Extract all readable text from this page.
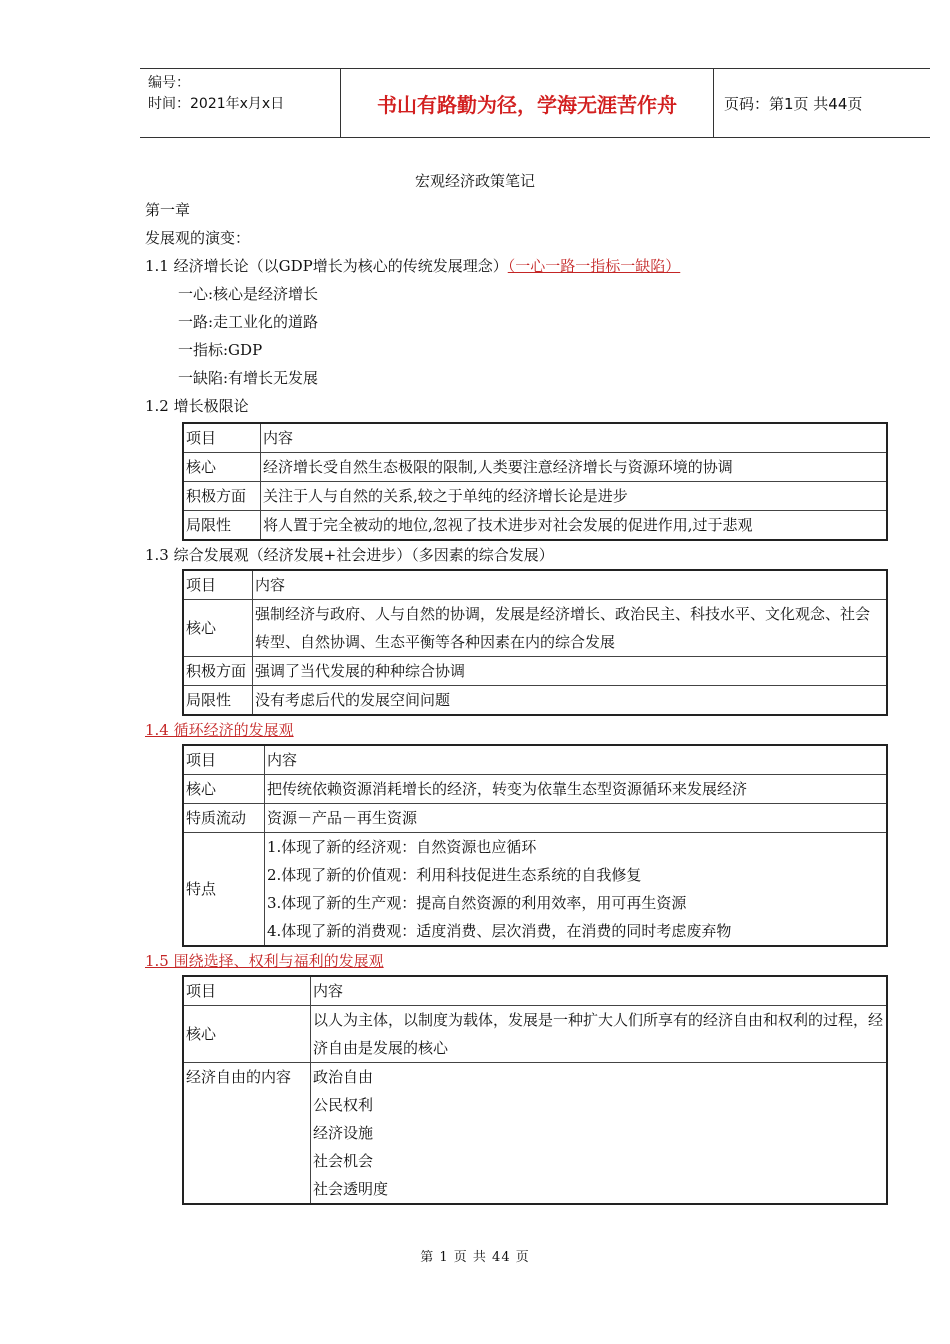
编号：
时间：2021年x月x日	书山有路勤为径，学海无涯苦作舟	页码：第1页 共44页
宏观经济政策笔记
第一章
发展观的演变：
1.1 经济增长论（以GDP增长为核心的传统发展理念）（一心一路一指标一缺陷）
一心:核心是经济增长
一路:走工业化的道路
一指标:GDP
一缺陷:有增长无发展
1.2 增长极限论
项目	内容
核心	经济增长受自然生态极限的限制,人类要注意经济增长与资源环境的协调
积极方面	关注于人与自然的关系,较之于单纯的经济增长论是进步
局限性	将人置于完全被动的地位,忽视了技术进步对社会发展的促进作用,过于悲观
1.3 综合发展观（经济发展+社会进步）（多因素的综合发展）
项目	内容
核心	强制经济与政府、人与自然的协调，发展是经济增长、政治民主、科技水平、文化观念、社会转型、自然协调、生态平衡等各种因素在内的综合发展
积极方面	强调了当代发展的种种综合协调
局限性	没有考虑后代的发展空间问题
1.4 循环经济的发展观
项目	内容
核心	把传统依赖资源消耗增长的经济，转变为依靠生态型资源循环来发展经济
特质流动	资源－产品－再生资源
特点	1.体现了新的经济观：自然资源也应循环
2.体现了新的价值观：利用科技促进生态系统的自我修复
3.体现了新的生产观：提高自然资源的利用效率，用可再生资源
4.体现了新的消费观：适度消费、层次消费，在消费的同时考虑废弃物
1.5 围绕选择、权利与福利的发展观
项目	内容
核心	以人为主体，以制度为载体，发展是一种扩大人们所享有的经济自由和权利的过程，经济自由是发展的核心
经济自由的内容	政治自由
公民权利
经济设施
社会机会
社会透明度
第 1 页 共 44 页
